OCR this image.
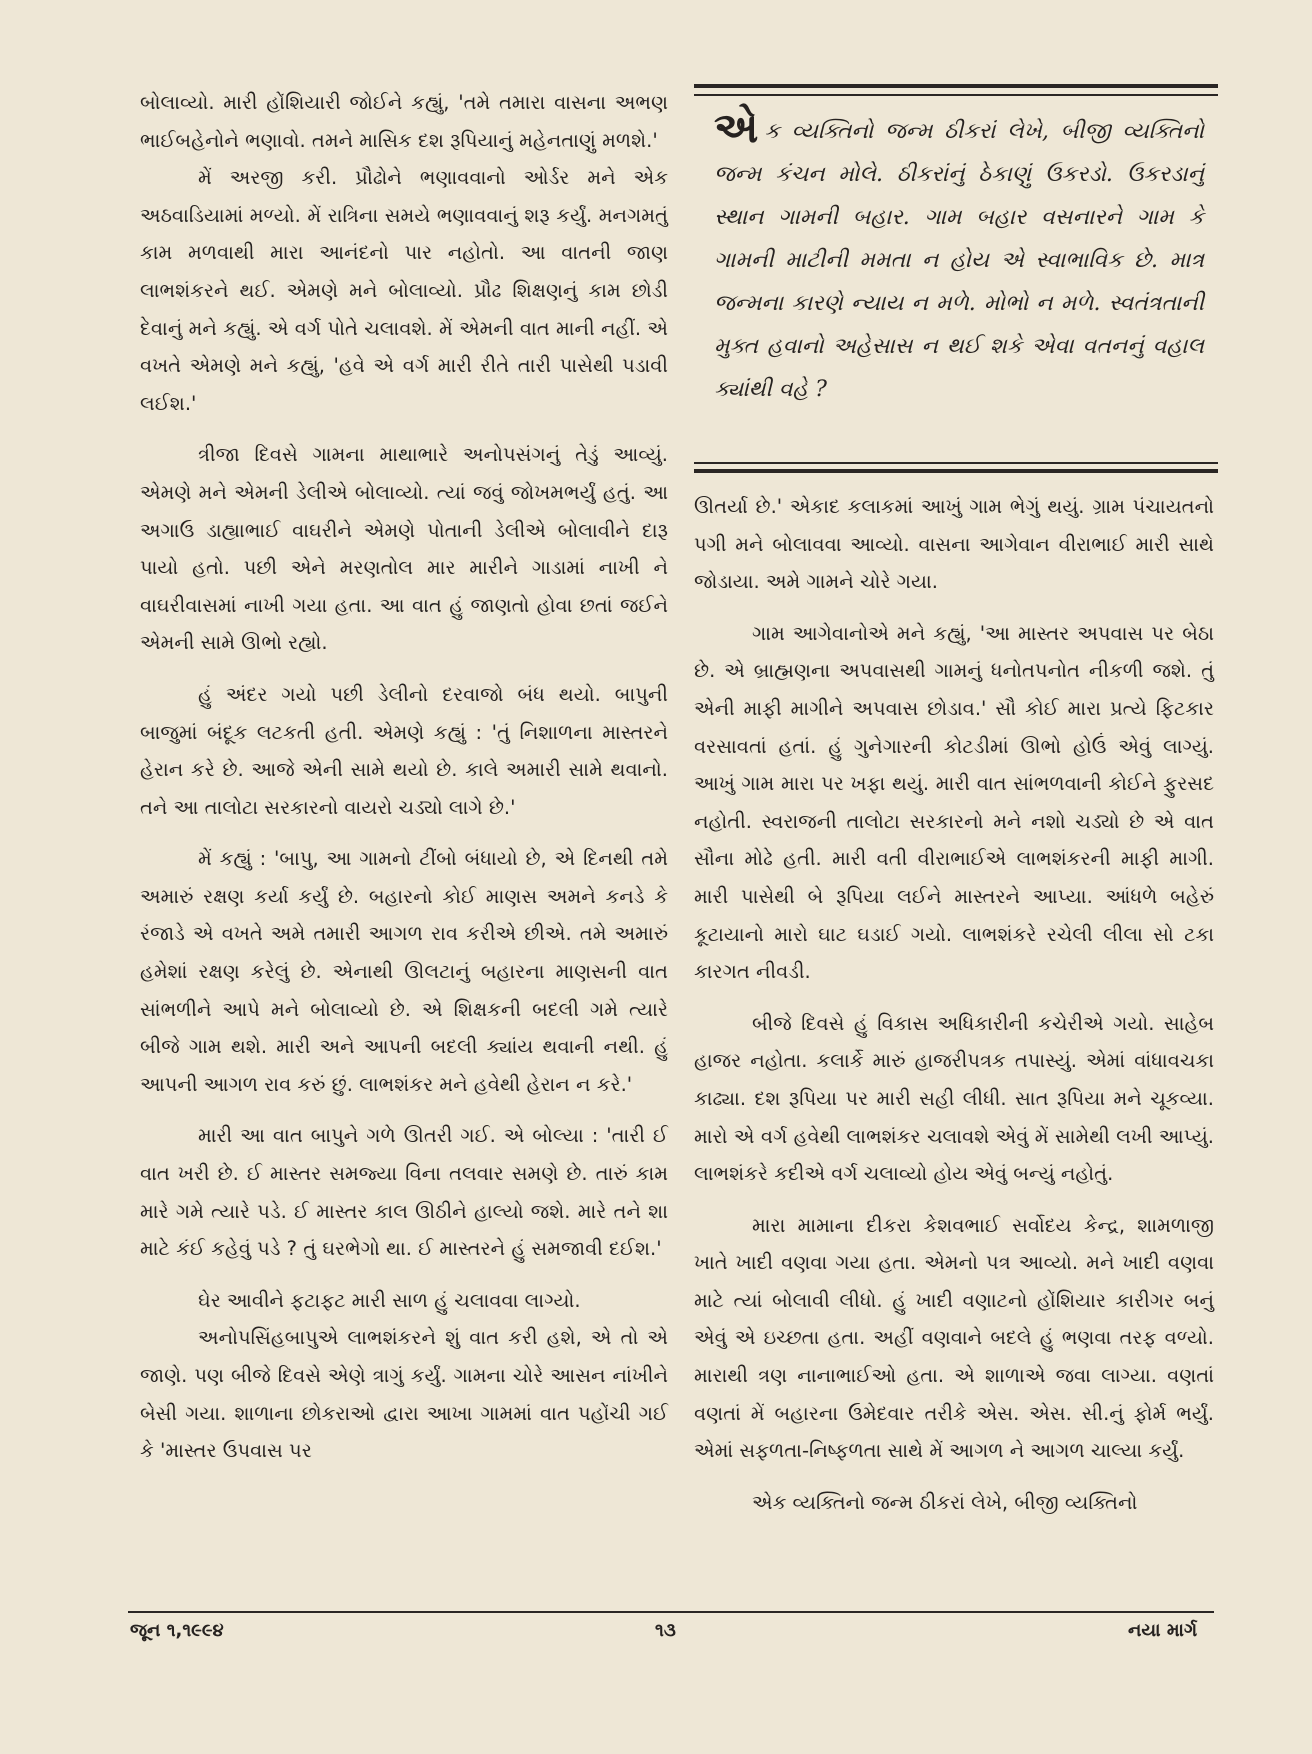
એક વ્યક્તિનો જન્મ ઠીકરાં લેખે, બીજી વ્યક્તિનો જન્મ કંચન મોલે. ઠીકરાંનું ઠેકાણું ઉકરડો. ઉકરડાનું સ્થાન ગામની બહાર. ગામ બહાર વસનારને ગામ કે ગામની માટીની મમતા ન હોય એ સ્વાભાવિક છે. માત્ર જન્મના કારણે ન્યાય ન મળે. મોભો ન મળે. સ્વતંત્રતાની મુક્ત હવાનો અહેસાસ ન થઈ શકે એવા વતનનું વહાલ ક્યાંથી વહે ?

બોલાવ્યો. મારી હોંશિયારી જોઈને કહ્યું, 'તમે તમારા વાસના અભણ ભાઈબહેનોને ભણાવો. તમને માસિક દશ રૂપિયાનું મહેનતાણું મળશે.'

મેં અરજી કરી. પ્રૌઢોને ભણાવવાનો ઓર્ડર મને એક અઠવાડિયામાં મળ્યો. મેં રાત્રિના સમયે ભણાવવાનું શરૂ કર્યું. મનગમતું કામ મળવાથી મારા આનંદનો પાર નહોતો. આ વાતની જાણ લાભશંકરને થઈ. એમણે મને બોલાવ્યો. પ્રૌઢ શિક્ષણનું કામ છોડી દેવાનું મને કહ્યું. એ વર્ગ પોતે ચલાવશે. મેં એમની વાત માની નહીં. એ વખતે એમણે મને કહ્યું, 'હવે એ વર્ગ મારી રીતે તારી પાસેથી પડાવી લઈશ.'

ત્રીજા દિવસે ગામના માથાભારે અનોપસંગનું તેડું આવ્યું. એમણે મને એમની ડેલીએ બોલાવ્યો. ત્યાં જવું જોખમભર્યું હતું. આ અગાઉ ડાહ્યાભાઈ વાઘરીને એમણે પોતાની ડેલીએ બોલાવીને દારૂ પાયો હતો. પછી એને મરણતોલ માર મારીને ગાડામાં નાખી ને વાઘરીવાસમાં નાખી ગયા હતા. આ વાત હું જાણતો હોવા છતાં જઈને એમની સામે ઊભો રહ્યો.

હું અંદર ગયો પછી ડેલીનો દરવાજો બંધ થયો. બાપુની બાજુમાં બંદૂક લટકતી હતી. એમણે કહ્યું : 'તું નિશાળના માસ્તરને હેરાન કરે છે. આજે એની સામે થયો છે. કાલે અમારી સામે થવાનો. તને આ તાલોટા સરકારનો વાયરો ચડ્યો લાગે છે.'

મેં કહ્યું : 'બાપુ, આ ગામનો ટીંબો બંધાયો છે, એ દિનથી તમે અમારું રક્ષણ કર્યા કર્યું છે. બહારનો કોઈ માણસ અમને કનડે કે રંજાડે એ વખતે અમે તમારી આગળ રાવ કરીએ છીએ. તમે અમારું હમેશાં રક્ષણ કરેલું છે. એનાથી ઊલટાનું બહારના માણસની વાત સાંભળીને આપે મને બોલાવ્યો છે. એ શિક્ષકની બદલી ગમે ત્યારે બીજે ગામ થશે. મારી અને આપની બદલી ક્યાંય થવાની નથી. હું આપની આગળ રાવ કરું છું. લાભશંકર મને હવેથી હેરાન ન કરે.'

મારી આ વાત બાપુને ગળે ઊતરી ગઈ. એ બોલ્યા : 'તારી ઈ વાત ખરી છે. ઈ માસ્તર સમજ્યા વિના તલવાર સમણે છે. તારું કામ મારે ગમે ત્યારે પડે. ઈ માસ્તર કાલ ઊઠીને હાલ્યો જશે. મારે તને શા માટે કંઈ કહેવું પડે ? તું ઘરભેગો થા. ઈ માસ્તરને હું સમજાવી દઈશ.'

ઘેર આવીને ફટાફટ મારી સાળ હું ચલાવવા લાગ્યો.

અનોપસિંહબાપુએ લાભશંકરને શું વાત કરી હશે, એ તો એ જાણે. પણ બીજે દિવસે એણે ત્રાગું કર્યું. ગામના ચોરે આસન નાંખીને બેસી ગયા. શાળાના છોકરાઓ દ્વારા આખા ગામમાં વાત પહોંચી ગઈ કે 'માસ્તર ઉપવાસ પર

ઊતર્યા છે.' એકાદ કલાકમાં આખું ગામ ભેગું થયું. ગ્રામ પંચાયતનો પગી મને બોલાવવા આવ્યો. વાસના આગેવાન વીરાભાઈ મારી સાથે જોડાયા. અમે ગામને ચોરે ગયા.

ગામ આગેવાનોએ મને કહ્યું, 'આ માસ્તર અપવાસ પર બેઠા છે. એ બ્રાહ્મણના અપવાસથી ગામનું ધનોતપનોત નીકળી જશે. તું એની માફી માગીને અપવાસ છોડાવ.' સૌ કોઈ મારા પ્રત્યે ફિટકાર વરસાવતાં હતાં. હું ગુનેગારની કોટડીમાં ઊભો હોઉં એવું લાગ્યું. આખું ગામ મારા પર ખફા થયું. મારી વાત સાંભળવાની કોઈને ફુરસદ નહોતી. સ્વરાજની તાલોટા સરકારનો મને નશો ચડ્યો છે એ વાત સૌના મોઢે હતી. મારી વતી વીરાભાઈએ લાભશંકરની માફી માગી. મારી પાસેથી બે રૂપિયા લઈને માસ્તરને આપ્યા. આંધળે બહેરું કૂટાયાનો મારો ઘાટ ઘડાઈ ગયો. લાભશંકરે રચેલી લીલા સો ટકા કારગત નીવડી.

બીજે દિવસે હું વિકાસ અધિકારીની કચેરીએ ગયો. સાહેબ હાજર નહોતા. કલાર્કે મારું હાજરીપત્રક તપાસ્યું. એમાં વાંધાવચકા કાઢ્યા. દશ રૂપિયા પર મારી સહી લીધી. સાત રૂપિયા મને ચૂકવ્યા. મારો એ વર્ગ હવેથી લાભશંકર ચલાવશે એવું મેં સામેથી લખી આપ્યું. લાભશંકરે કદીએ વર્ગ ચલાવ્યો હોય એવું બન્યું નહોતું.

મારા મામાના દીકરા કેશવભાઈ સર્વોદય કેન્દ્ર, શામળાજી ખાતે ખાદી વણવા ગયા હતા. એમનો પત્ર આવ્યો. મને ખાદી વણવા માટે ત્યાં બોલાવી લીધો. હું ખાદી વણાટનો હોંશિયાર કારીગર બનું એવું એ ઇચ્છતા હતા. અહીં વણવાને બદલે હું ભણવા તરફ વળ્યો. મારાથી ત્રણ નાનાભાઈઓ હતા. એ શાળાએ જવા લાગ્યા. વણતાં વણતાં મેં બહારના ઉમેદવાર તરીકે એસ. એસ. સી.નું ફોર્મ ભર્યું. એમાં સફળતા-નિષ્ફળતા સાથે મેં આગળ ને આગળ ચાલ્યા કર્યું.

એક વ્યક્તિનો જન્મ ઠીકરાં લેખે, બીજી વ્યક્તિનો

જૂન ૧,૧૯૯૪	૧૩	નયા માર્ગ
